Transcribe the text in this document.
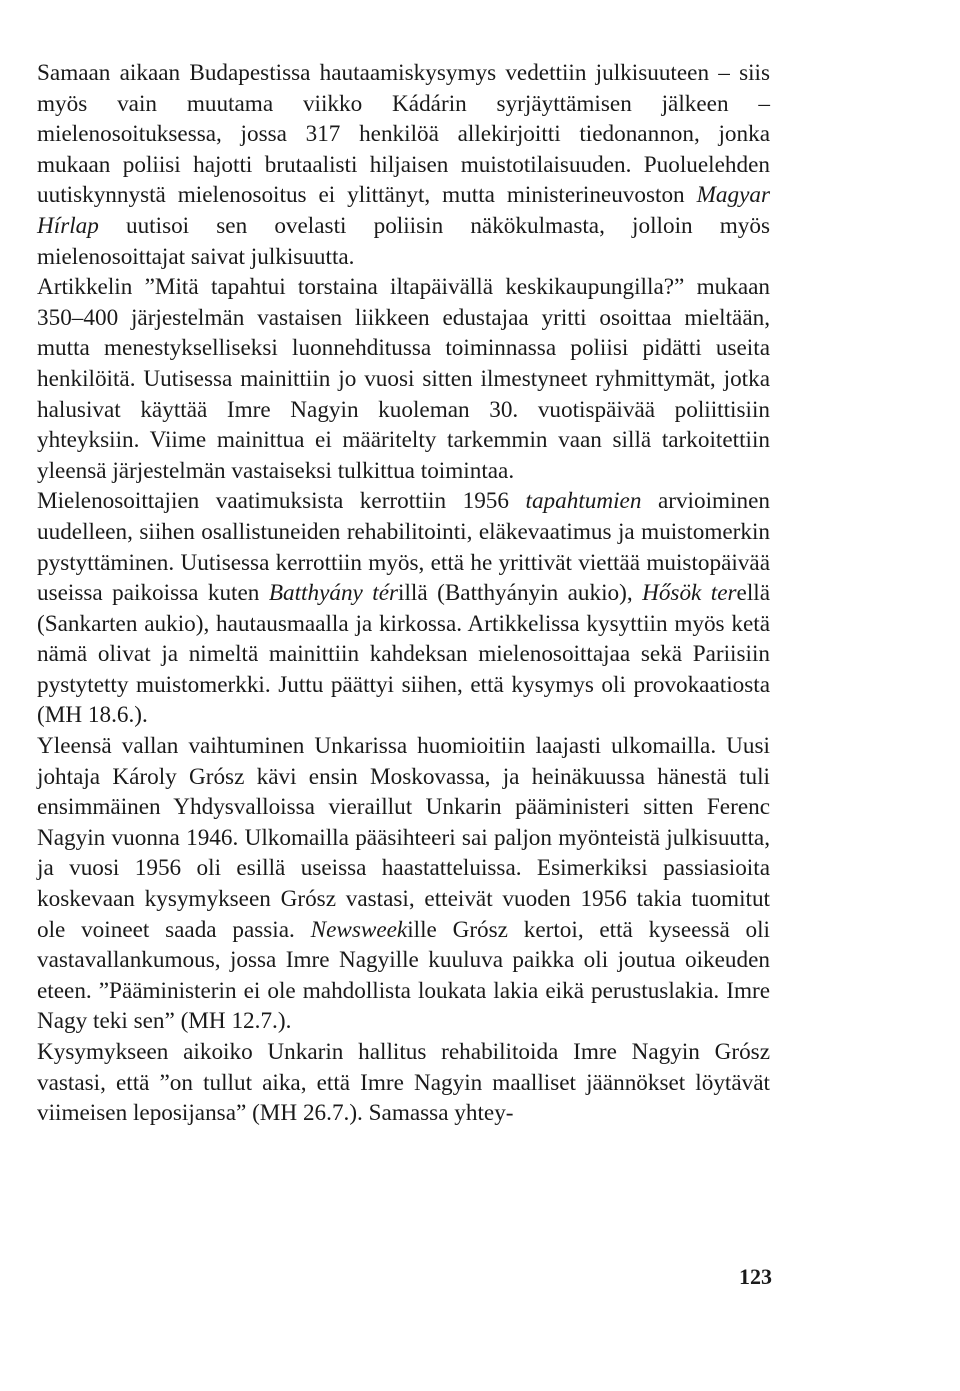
Samaan aikaan Budapestissa hautaamiskysymys vedettiin julkisuuteen – siis myös vain muutama viikko Kádárin syrjäyttämisen jälkeen – mielenosoituksessa, jossa 317 henkilöä allekirjoitti tiedonannon, jonka mukaan poliisi hajotti brutaalisti hiljaisen muistotilaisuuden. Puoluelehden uutiskynnystä mielenosoitus ei ylittänyt, mutta ministerineuvoston Magyar Hírlap uutisoi sen ovelasti poliisin näkökulmasta, jolloin myös mielenosoittajat saivat julkisuutta.

Artikkelin ”Mitä tapahtui torstaina iltapäivällä keskikaupungilla?” mukaan 350–400 järjestelmän vastaisen liikkeen edustajaa yritti osoittaa mieltään, mutta menestykselliseksi luonnehditussa toiminnassa poliisi pidätti useita henkilöitä. Uutisessa mainittiin jo vuosi sitten ilmestyneet ryhmittymät, jotka halusivat käyttää Imre Nagyin kuoleman 30. vuotispäivää poliittisiin yhteyksiin. Viime mainittua ei määritelty tarkemmin vaan sillä tarkoitettiin yleensä järjestelmän vastaiseksi tulkittua toimintaa.

Mielenosoittajien vaatimuksista kerrottiin 1956 tapahtumien arvioiminen uudelleen, siihen osallistuneiden rehabilitointi, eläkevaatimus ja muistomerkin pystyttäminen. Uutisessa kerrottiin myös, että he yrittivät viettää muistopäivää useissa paikoissa kuten Batthyány térillä (Batthyányin aukio), Hősök terellä (Sankarten aukio), hautausmaalla ja kirkossa. Artikkelissa kysyttiin myös ketä nämä olivat ja nimeltä mainittiin kahdeksan mielenosoittajaa sekä Pariisiin pystytetty muistomerkki. Juttu päättyi siihen, että kysymys oli provokaatiosta (MH 18.6.).

Yleensä vallan vaihtuminen Unkarissa huomioitiin laajasti ulkomailla. Uusi johtaja Károly Grósz kävi ensin Moskovassa, ja heinäkuussa hänestä tuli ensimmäinen Yhdysvalloissa vieraillut Unkarin pääministeri sitten Ferenc Nagyin vuonna 1946. Ulkomailla pääsihteeri sai paljon myönteistä julkisuutta, ja vuosi 1956 oli esillä useissa haastatteluissa. Esimerkiksi passiasioita koskevaan kysymykseen Grósz vastasi, etteivät vuoden 1956 takia tuomitut ole voineet saada passia. Newsweekille Grósz kertoi, että kyseessä oli vastavallankumous, jossa Imre Nagyille kuuluva paikka oli joutua oikeuden eteen. ”Pääministerin ei ole mahdollista loukata lakia eikä perustuslakia. Imre Nagy teki sen” (MH 12.7.).

Kysymykseen aikoiko Unkarin hallitus rehabilitoida Imre Nagyin Grósz vastasi, että ”on tullut aika, että Imre Nagyin maalliset jäännökset löytävät viimeisen leposijansa” (MH 26.7.). Samassa yhtey-

123
